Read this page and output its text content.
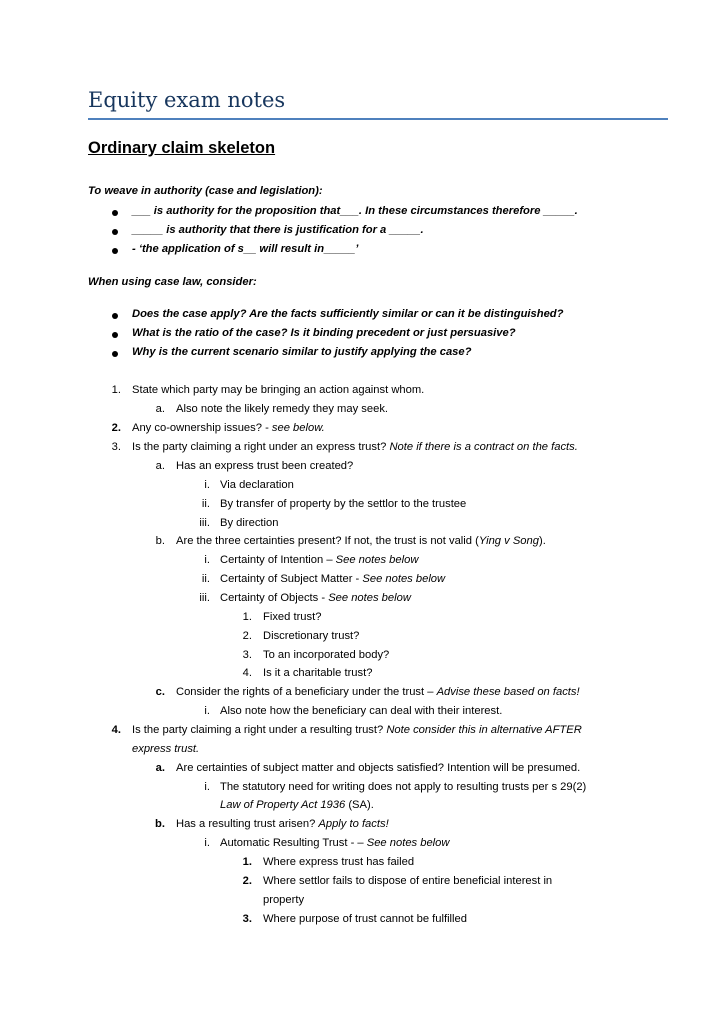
Equity exam notes
Ordinary claim skeleton
To weave in authority (case and legislation):
___ is authority for the proposition that___. In these circumstances therefore _____.
_____ is authority that there is justification for a _____.
- ‘the application of s__ will result in_____’
When using case law, consider:
Does the case apply? Are the facts sufficiently similar or can it be distinguished?
What is the ratio of the case? Is it binding precedent or just persuasive?
Why is the current scenario similar to justify applying the case?
1. State which party may be bringing an action against whom.
a. Also note the likely remedy they may seek.
2. Any co-ownership issues? - see below.
3. Is the party claiming a right under an express trust? Note if there is a contract on the facts.
a. Has an express trust been created?
i. Via declaration
ii. By transfer of property by the settlor to the trustee
iii. By direction
b. Are the three certainties present? If not, the trust is not valid (Ying v Song).
i. Certainty of Intention – See notes below
ii. Certainty of Subject Matter - See notes below
iii. Certainty of Objects - See notes below
1. Fixed trust?
2. Discretionary trust?
3. To an incorporated body?
4. Is it a charitable trust?
c. Consider the rights of a beneficiary under the trust – Advise these based on facts!
i. Also note how the beneficiary can deal with their interest.
4. Is the party claiming a right under a resulting trust? Note consider this in alternative AFTER
express trust.
a. Are certainties of subject matter and objects satisfied? Intention will be presumed.
i. The statutory need for writing does not apply to resulting trusts per s 29(2)
Law of Property Act 1936 (SA).
b. Has a resulting trust arisen? Apply to facts!
i. Automatic Resulting Trust - – See notes below
1. Where express trust has failed
2. Where settlor fails to dispose of entire beneficial interest in
property
3. Where purpose of trust cannot be fulfilled
